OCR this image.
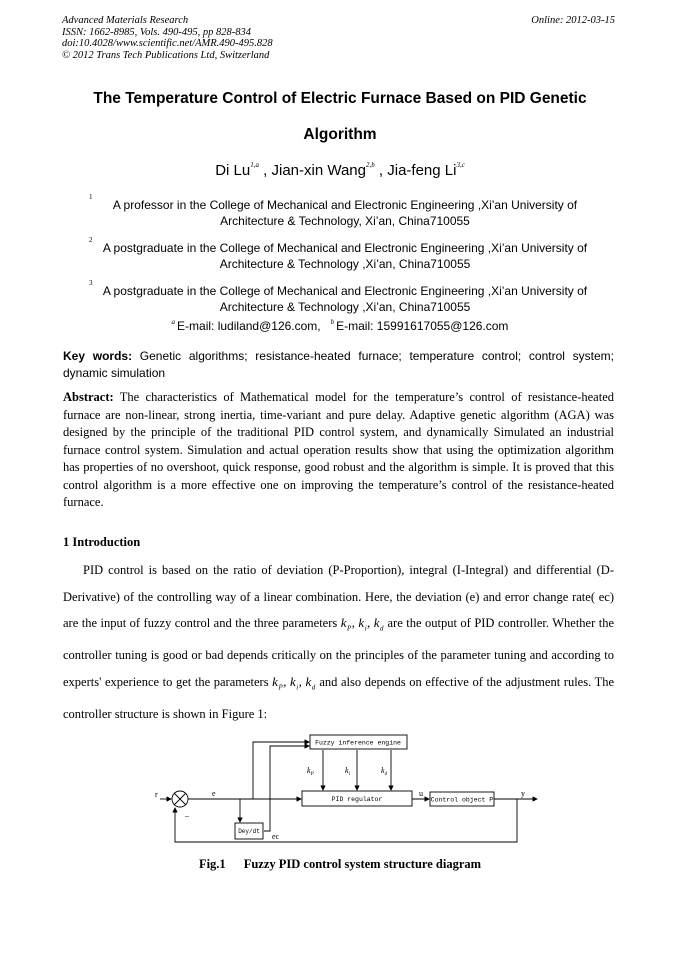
Advanced Materials Research
ISSN: 1662-8985, Vols. 490-495, pp 828-834
doi:10.4028/www.scientific.net/AMR.490-495.828
© 2012 Trans Tech Publications Ltd, Switzerland
Online: 2012-03-15
The Temperature Control of Electric Furnace Based on PID Genetic
Algorithm
Di Lu$^{1,a}$ , Jian-xin Wang$^{2,b}$ , Jia-feng Li$^{3,c}$
1
A professor in the College of Mechanical and Electronic Engineering ,Xi’an University of
Architecture & Technology, Xi’an, China710055
2
A postgraduate in the College of Mechanical and Electronic Engineering ,Xi’an University of
Architecture & Technology ,Xi’an, China710055
3
A postgraduate in the College of Mechanical and Electronic Engineering ,Xi’an University of
Architecture & Technology ,Xi’an, China710055
$^a$ E-mail: ludiland@126.com, $^b$ E-mail: 15991617055@126.com
Key words: Genetic algorithms; resistance-heated furnace; temperature control; control system; dynamic simulation
Abstract: The characteristics of Mathematical model for the temperature’s control of resistance-heated furnace are non-linear, strong inertia, time-variant and pure delay. Adaptive genetic algorithm (AGA) was designed by the principle of the traditional PID control system, and dynamically Simulated an industrial furnace control system. Simulation and actual operation results show that using the optimization algorithm has properties of no overshoot, quick response, good robust and the algorithm is simple. It is proved that this control algorithm is a more effective one on improving the temperature’s control of the resistance-heated furnace.
1 Introduction
PID control is based on the ratio of deviation (P-Proportion), integral (I-Integral) and differential (D-Derivative) of the controlling way of a linear combination. Here, the deviation (e) and error change rate( ec) are the input of fuzzy control and the three parameters $k_P$, $k_i$, $k_d$ are the output of PID controller. Whether the controller tuning is good or bad depends critically on the principles of the parameter tuning and according to experts' experience to get the parameters $k_P$, $k_i$, $k_d$ and also depends on effective of the adjustment rules. The controller structure is shown in Figure 1:
Fuzzy inference engine
PID regulator	Control object P
Dey/dt
r	e	u	y
ec
_
$k_P$	$k_i$	$k_d$
Fig.1 Fuzzy PID control system structure diagram
